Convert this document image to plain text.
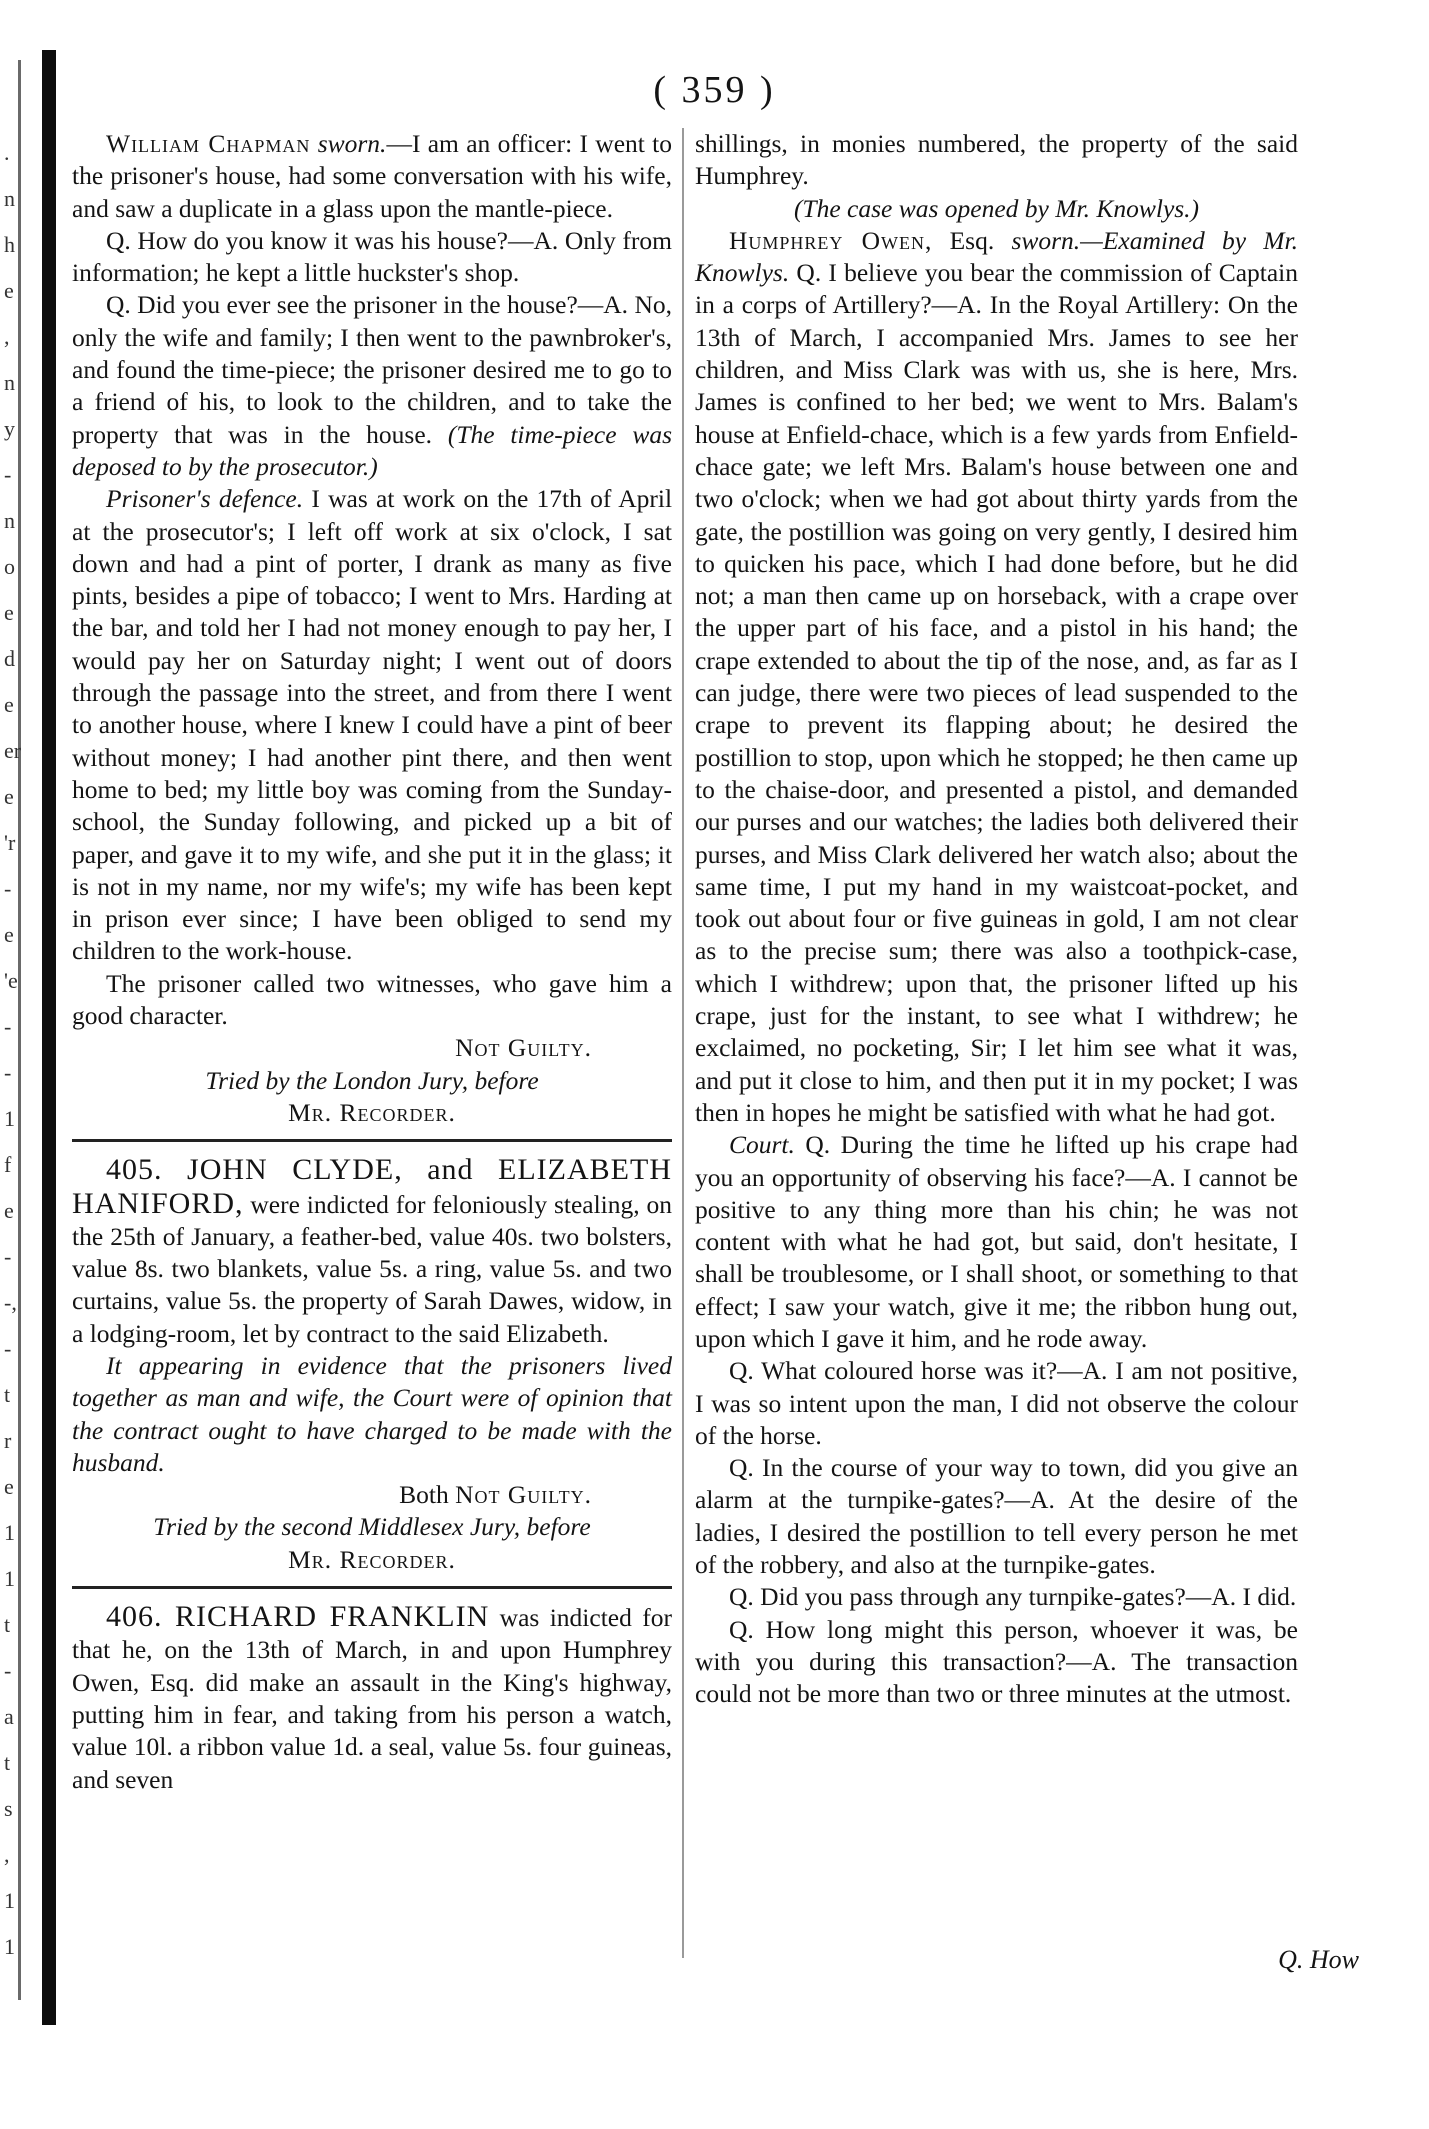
.
n
h
e
,
n
y
-
n
o
e
d
e
er
e
'r
-
e
'e
-
-
1
f
e
-
-,
-
t
r
e
1
1
t
-
a
t
s
,
1
1
( 359 )

William Chapman sworn.—I am an officer: I went to the prisoner's house, had some conversation with his wife, and saw a duplicate in a glass upon the mantle-piece.

Q. How do you know it was his house?—A. Only from information; he kept a little huckster's shop.

Q. Did you ever see the prisoner in the house?—A. No, only the wife and family; I then went to the pawnbroker's, and found the time-piece; the prisoner desired me to go to a friend of his, to look to the children, and to take the property that was in the house. (The time-piece was deposed to by the prosecutor.)

Prisoner's defence. I was at work on the 17th of April at the prosecutor's; I left off work at six o'clock, I sat down and had a pint of porter, I drank as many as five pints, besides a pipe of tobacco; I went to Mrs. Harding at the bar, and told her I had not money enough to pay her, I would pay her on Saturday night; I went out of doors through the passage into the street, and from there I went to another house, where I knew I could have a pint of beer without money; I had another pint there, and then went home to bed; my little boy was coming from the Sunday-school, the Sunday following, and picked up a bit of paper, and gave it to my wife, and she put it in the glass; it is not in my name, nor my wife's; my wife has been kept in prison ever since; I have been obliged to send my children to the work-house.

The prisoner called two witnesses, who gave him a good character.

Not Guilty.

Tried by the London Jury, before

Mr. Recorder.

405. JOHN CLYDE, and ELIZABETH HANIFORD, were indicted for feloniously stealing, on the 25th of January, a feather-bed, value 40s. two bolsters, value 8s. two blankets, value 5s. a ring, value 5s. and two curtains, value 5s. the property of Sarah Dawes, widow, in a lodging-room, let by contract to the said Elizabeth.

It appearing in evidence that the prisoners lived together as man and wife, the Court were of opinion that the contract ought to have charged to be made with the husband.

Both Not Guilty.

Tried by the second Middlesex Jury, before

Mr. Recorder.

406. RICHARD FRANKLIN was indicted for that he, on the 13th of March, in and upon Humphrey Owen, Esq. did make an assault in the King's highway, putting him in fear, and taking from his person a watch, value 10l. a ribbon value 1d. a seal, value 5s. four guineas, and seven

shillings, in monies numbered, the property of the said Humphrey.

(The case was opened by Mr. Knowlys.)

Humphrey Owen, Esq. sworn.—Examined by Mr. Knowlys. Q. I believe you bear the commission of Captain in a corps of Artillery?—A. In the Royal Artillery: On the 13th of March, I accompanied Mrs. James to see her children, and Miss Clark was with us, she is here, Mrs. James is confined to her bed; we went to Mrs. Balam's house at Enfield-chace, which is a few yards from Enfield-chace gate; we left Mrs. Balam's house between one and two o'clock; when we had got about thirty yards from the gate, the postillion was going on very gently, I desired him to quicken his pace, which I had done before, but he did not; a man then came up on horseback, with a crape over the upper part of his face, and a pistol in his hand; the crape extended to about the tip of the nose, and, as far as I can judge, there were two pieces of lead suspended to the crape to prevent its flapping about; he desired the postillion to stop, upon which he stopped; he then came up to the chaise-door, and presented a pistol, and demanded our purses and our watches; the ladies both delivered their purses, and Miss Clark delivered her watch also; about the same time, I put my hand in my waistcoat-pocket, and took out about four or five guineas in gold, I am not clear as to the precise sum; there was also a toothpick-case, which I withdrew; upon that, the prisoner lifted up his crape, just for the instant, to see what I withdrew; he exclaimed, no pocketing, Sir; I let him see what it was, and put it close to him, and then put it in my pocket; I was then in hopes he might be satisfied with what he had got.

Court. Q. During the time he lifted up his crape had you an opportunity of observing his face?—A. I cannot be positive to any thing more than his chin; he was not content with what he had got, but said, don't hesitate, I shall be troublesome, or I shall shoot, or something to that effect; I saw your watch, give it me; the ribbon hung out, upon which I gave it him, and he rode away.

Q. What coloured horse was it?—A. I am not positive, I was so intent upon the man, I did not observe the colour of the horse.

Q. In the course of your way to town, did you give an alarm at the turnpike-gates?—A. At the desire of the ladies, I desired the postillion to tell every person he met of the robbery, and also at the turnpike-gates.

Q. Did you pass through any turnpike-gates?—A. I did.

Q. How long might this person, whoever it was, be with you during this transaction?—A. The transaction could not be more than two or three minutes at the utmost.

Q. How
